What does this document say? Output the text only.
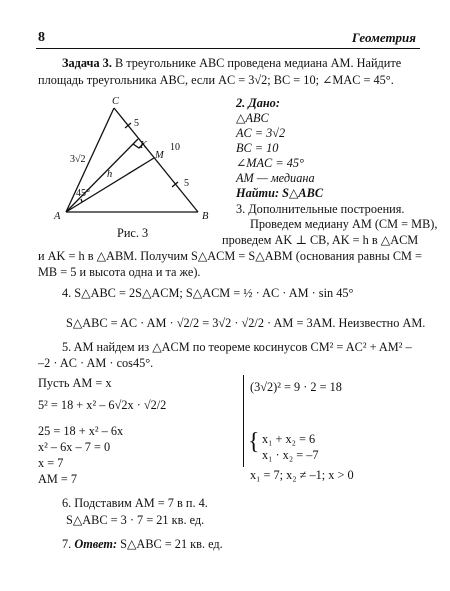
8	Геометрия
Задача 3. В треугольнике ABC проведена медиана AM. Найдите
площадь треугольника ABC, если AC = 3√2; BC = 10; ∠MAC = 45°.
C
A	B
K
M
h
3√2
5
5
10
45°
Рис. 3
2. Дано:
△ABC
AC = 3√2
BC = 10
∠MAC = 45°
AM — медиана
Найти: S△ABC
3. Дополнительные построения.
Проведем медиану AM (CM = MB),
проведем AK ⊥ CB, AK = h в △ACM
и AK = h в △ABM. Получим S△ACM = S△ABM (основания равны CM =
MB = 5 и высота одна и та же).
4. S△ABC = 2S△ACM; S△ACM = ½ · AC · AM · sin 45°
S△ABC = AC · AM · √2/2 = 3√2 · √2/2 · AM = 3AM. Неизвестно AM.
5. AM найдем из △ACM по теореме косинусов CM² = AC² + AM² –
–2 · AC · AM · cos45°.
Пусть AM = x
5² = 18 + x² – 6√2x · √2/2
25 = 18 + x² – 6x
x² – 6x – 7 = 0
x = 7
AM = 7
(3√2)² = 9 · 2 = 18
{ x₁ + x₂ = 6
x₁ · x₂ = –7
x₁ = 7; x₂ ≠ –1; x > 0
6. Подставим AM = 7 в п. 4.
S△ABC = 3 · 7 = 21 кв. ед.
7. Ответ: S△ABC = 21 кв. ед.
